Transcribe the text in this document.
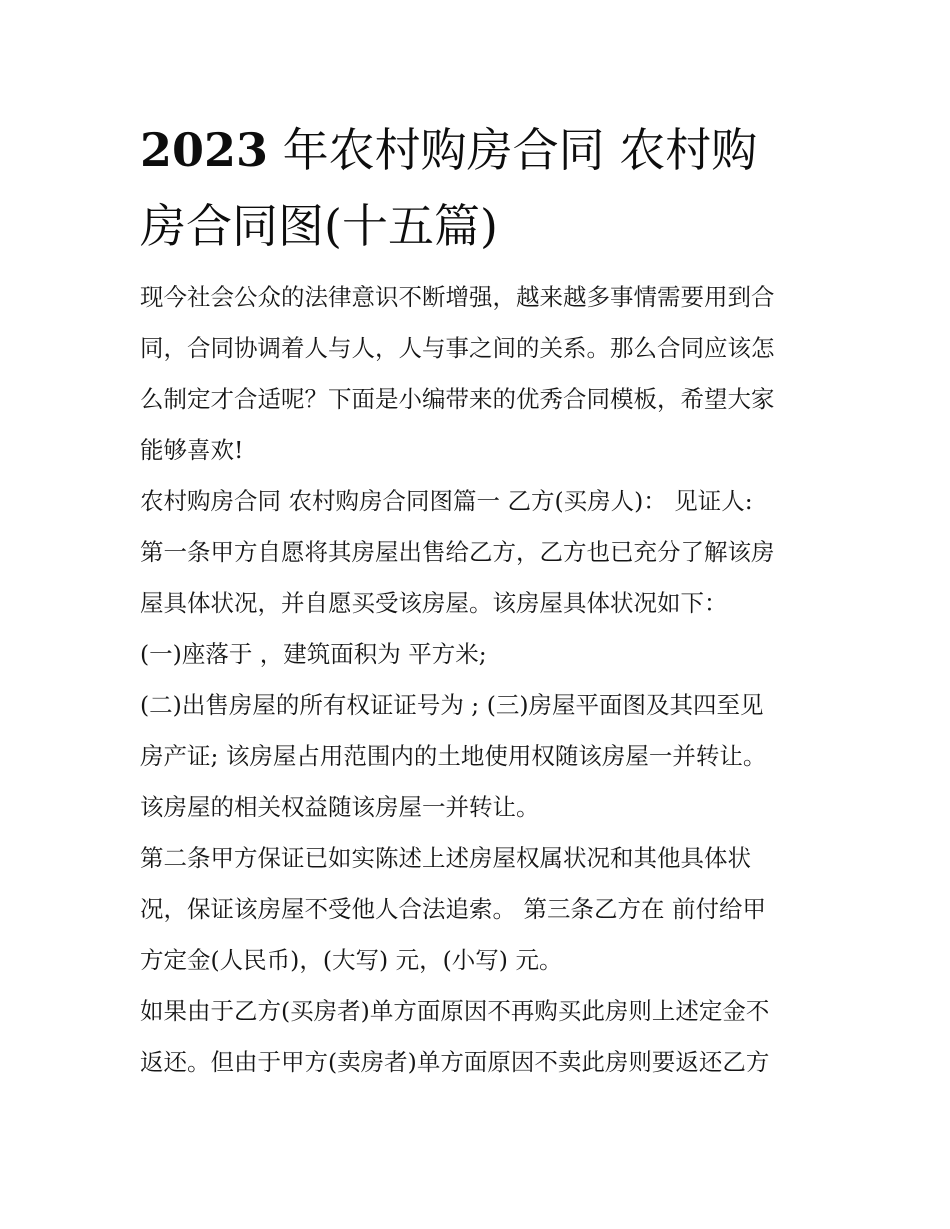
2023 年农村购房合同 农村购
房合同图(十五篇)

现今社会公众的法律意识不断增强，越来越多事情需要用到合
同，合同协调着人与人，人与事之间的关系。那么合同应该怎
么制定才合适呢？下面是小编带来的优秀合同模板，希望大家
能够喜欢!

农村购房合同 农村购房合同图篇一 乙方(买房人)： 见证人:
第一条甲方自愿将其房屋出售给乙方，乙方也已充分了解该房
屋具体状况，并自愿买受该房屋。该房屋具体状况如下：

(一)座落于 ，建筑面积为 平方米;

(二)出售房屋的所有权证证号为 ; (三)房屋平面图及其四至见
房产证; 该房屋占用范围内的土地使用权随该房屋一并转让。
该房屋的相关权益随该房屋一并转让。

第二条甲方保证已如实陈述上述房屋权属状况和其他具体状
况，保证该房屋不受他人合法追索。 第三条乙方在 前付给甲
方定金(人民币)，(大写) 元，(小写) 元。

如果由于乙方(买房者)单方面原因不再购买此房则上述定金不
返还。但由于甲方(卖房者)单方面原因不卖此房则要返还乙方
